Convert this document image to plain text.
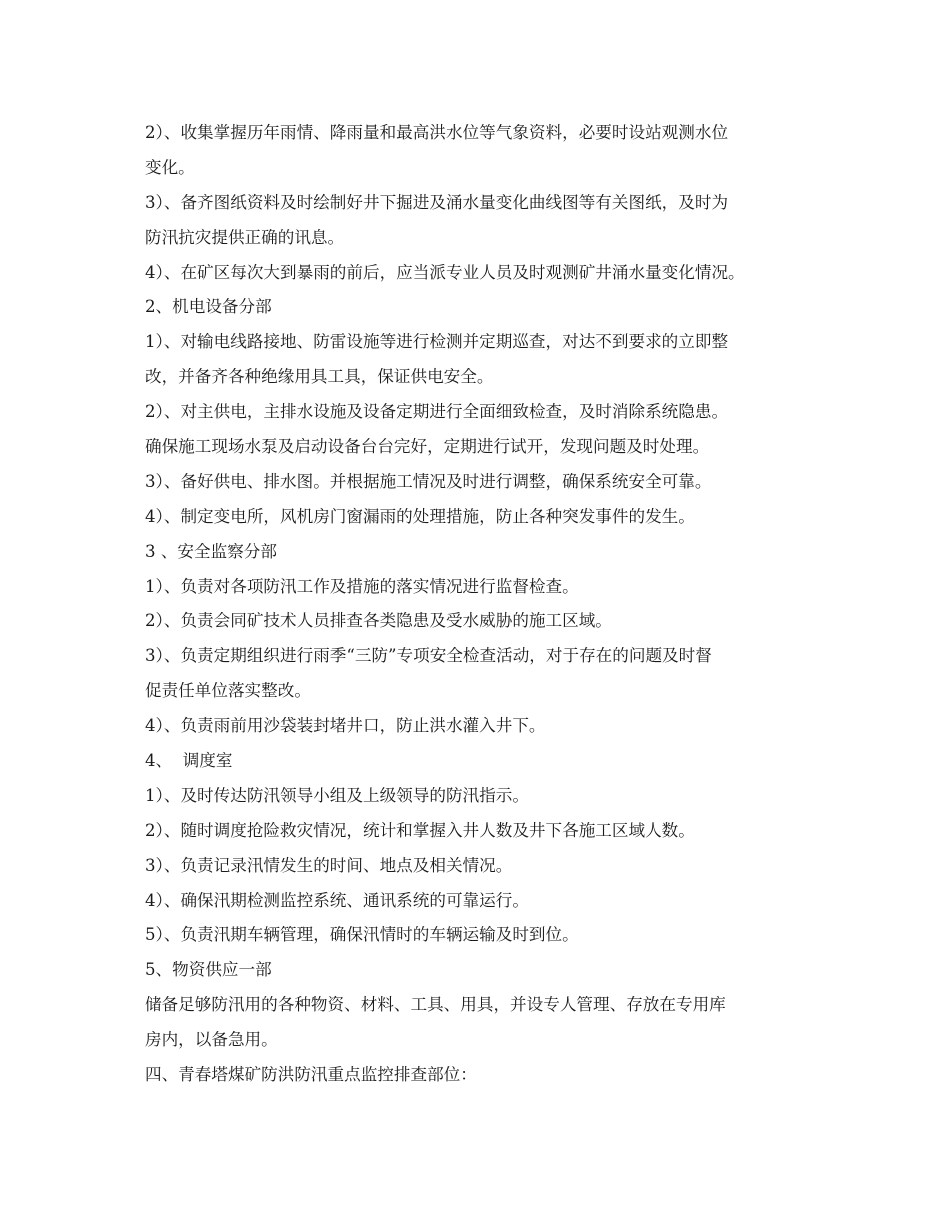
2）、收集掌握历年雨情、降雨量和最高洪水位等气象资料，必要时设站观测水位
变化。
3）、备齐图纸资料及时绘制好井下掘进及涌水量变化曲线图等有关图纸，及时为
防汛抗灾提供正确的讯息。
4）、在矿区每次大到暴雨的前后，应当派专业人员及时观测矿井涌水量变化情况。
2、机电设备分部
1）、对输电线路接地、防雷设施等进行检测并定期巡查，对达不到要求的立即整
改，并备齐各种绝缘用具工具，保证供电安全。
2）、对主供电，主排水设施及设备定期进行全面细致检查，及时消除系统隐患。
确保施工现场水泵及启动设备台台完好，定期进行试开，发现问题及时处理。
3）、备好供电、排水图。并根据施工情况及时进行调整，确保系统安全可靠。
4）、制定变电所，风机房门窗漏雨的处理措施，防止各种突发事件的发生。
3 、安全监察分部
1）、负责对各项防汛工作及措施的落实情况进行监督检查。
2）、负责会同矿技术人员排查各类隐患及受水威胁的施工区域。
3）、负责定期组织进行雨季“三防”专项安全检查活动，对于存在的问题及时督
促责任单位落实整改。
4）、负责雨前用沙袋装封堵井口，防止洪水灌入井下。
4、  调度室
1）、及时传达防汛领导小组及上级领导的防汛指示。
2）、随时调度抢险救灾情况，统计和掌握入井人数及井下各施工区域人数。
3）、负责记录汛情发生的时间、地点及相关情况。
4）、确保汛期检测监控系统、通讯系统的可靠运行。
5）、负责汛期车辆管理，确保汛情时的车辆运输及时到位。
5、物资供应一部
储备足够防汛用的各种物资、材料、工具、用具，并设专人管理、存放在专用库
房内，以备急用。
四、青春塔煤矿防洪防汛重点监控排查部位：
